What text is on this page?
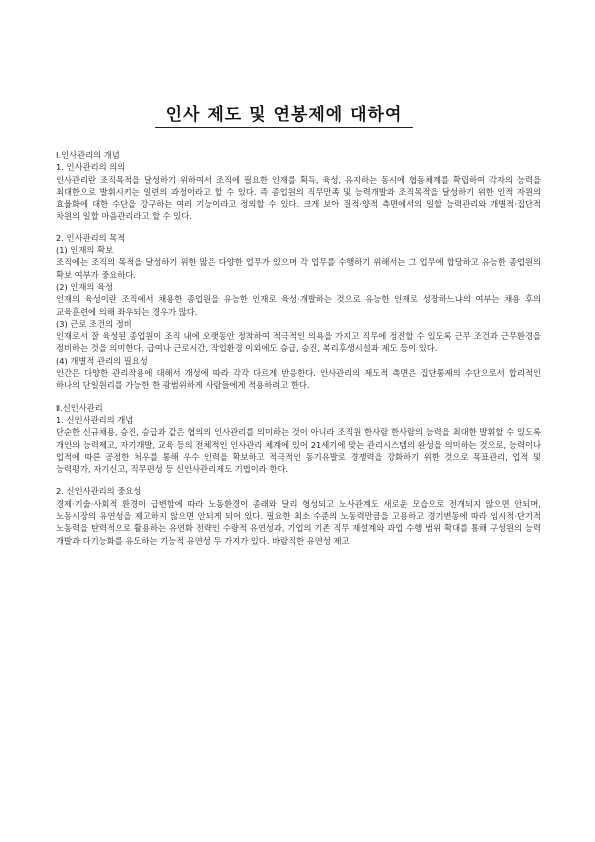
인사 제도 및 연봉제에 대하여

Ⅰ.인사관리의 개념

1. 인사관리의 의의

인사관리란 조직목적을 달성하기 위하여서 조직에 필요한 인재를 획득, 육성, 유지하는 동시에 협동체계를 확립하여 각자의 능력을 최대한으로 발휘시키는 일련의 과정이라고 할 수 있다. 즉 종업원의 직무만족 및 능력개발과 조직목적을 달성하기 위한 인적 자원의 효율화에 대한 수단을 강구하는 여러 기능이라고 정의할 수 있다. 크게 보아 질적·양적 측면에서의 일할 능력관리와 개별적·집단적 차원의 일할 마음관리라고 할 수 있다.

2. 인사관리의 목적

(1) 인재의 확보

조직에는 조직의 목적을 달성하기 위한 많은 다양한 업무가 있으며 각 업무를 수행하기 위해서는 그 업무에 합당하고 유능한 종업원의 확보 여부가 중요하다.

(2) 인재의 육성

인재의 육성이란 조직에서 채용한 종업원을 유능한 인재로 육성·개발하는 것으로 유능한 인재로 성장하느냐의 여부는 채용 후의 교육훈련에 의해 좌우되는 경우가 많다.

(3) 근로 조건의 정비

인재로서 잘 육성된 종업원이 조직 내에 오랫동안 정착하여 적극적인 의욕을 가지고 직무에 정진할 수 있도록 근무 조건과 근무환경을 정비하는 것을 의미한다. 급여나 근로시간, 작업환경 이외에도 승급, 승진, 복리후생시설과 제도 등이 있다.

(4) 개별적 관리의 필요성

인간은 다양한 관리작용에 대해서 개성에 따라 각각 다르게 반응한다. 인사관리의 제도적 측면은 집단통제의 수단으로서 합리적인 하나의 단일원리를 가능한 한 광범위하게 사람들에게 적용하려고 한다.

Ⅱ.신인사관리

1. 신인사관리의 개념

단순한 신규채용, 승진, 승급과 같은 협의의 인사관리를 의미하는 것이 아니라 조직원 한사람 한사람의 능력을 최대한 발휘할 수 있도록 개인의 능력제고, 자기개발, 교육 등의 전체적인 인사관리 체계에 있어 21세기에 맞는 관리시스템의 완성을 의미하는 것으로, 능력이나 업적에 따른 공정한 처우를 통해 우수 인력을 확보하고 적극적인 동기유발로 경쟁력을 강화하기 위한 것으로 목표관리, 업적 및 능력평가, 자기신고, 직무편성 등 신인사관리제도 기법이라 한다.

2. 신인사관리의 중요성

경제·기술·사회적 환경이 급변함에 따라 노동환경이 종래와 달리 형성되고 노사관계도 새로운 모습으로 전개되지 않으면 안되며, 노동시장의 유연성을 제고하지 않으면 안되게 되어 있다. 필요한 최소 수준의 노동력만큼을 고용하고 경기변동에 따라 임시적·단기적 노동력을 탄력적으로 활용하는 유연화 전략인 수량적 유연성과, 기업의 기존 직무 재설계와 과업 수행 범위 확대를 통해 구성원의 능력 개발과 다기능화를 유도하는 기능적 유연성 두 가지가 있다. 바람직한 유연성 제고
